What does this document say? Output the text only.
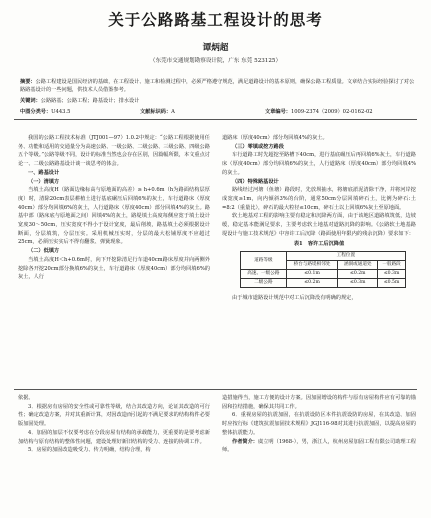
关于公路路基工程设计的思考
谭炳超
（东莞市交通规划勘察设计院，广东 东莞 523125）
摘要：公路工程建设是国民经济的基础，在工程设计、施工和检测过程中，必须严格遵守规范，满足道路设计的基本原则，确保公路工程质量。文章结合实际经验探讨了对公路路基设计的一些问题，供技术人员借鉴参考。
关键词：公路路基；公路工程；路基设计；排水设计
中图分类号：U443.5	文献标识码：A	文章编号：1009-2374（2009）02-0162-02

我国的公路工程技术标准（JTJ001—97）1.0.2中规定：“公路工程根据使用任务、功能和适用的交通量分为高速公路、一级公路、二级公路、三级公路、四级公路五个等级。”公路等级不同，设计的标准当然也会存在区别，因篇幅所限，本文重点讨论一、二级公路路基设计谈一谈思考的体会。

一、路基设计

（一）清填方

当填土高度H（路面边缘标高与原地面的高差）≥ h+0.6m（h为路面结构层厚度）时，清除20cm表层耕植土进行基底碾压后回填6%的灰土，车行道路床（厚度40cm）部分均回填6%的灰土，人行道路床（厚度40cm）部分回填4%的灰土。路基中部（路床底与原地面之间）回填4%的灰土，路堤填土高度每侧应宽于填土设计宽度30～50cm，压实宽度不得小于设计宽度，最后削坡，路基填土必须根据设计断面，分层填筑，分层压实。采用机械压实时，分层的最大松铺厚度不应超过25cm，必须压实实后不得有翻浆、弹簧现象。

（二）低填方

当填土高度H＜h+0.6m时，向下开挖除清足行车道40cm路床厚度并向两侧外挖除各开挖20cm部分换填6%的灰土，车行道路床（厚度40cm）部分均回填6%的灰土，人行

道路床（厚度40cm）部分均回填4%的灰土。

（三）零填或挖方路段

车行道路工时先超挖至路槽下40cm，进行基底碾压后再回填6%灰土，车行道路床（厚度40cm）部分均回填6%的灰土，人行道路床（厚度40cm）部分均回填4%的灰土。

（四）特殊路基设计

路线经过河塘（鱼塘）路段时，先放坝抽水，将塘底淤泥清除干净，并将河岸挖成宽度≥1m，向内倾斜3%的台阶，通常50cm分层回填碎石土，比例为碎石:土=8:2（重量比），碎石的最大粒径≤10cm，碎石土以上回填6%灰土至原地面。

软土地基对工程的影响主要有稳定和沉降两方面，由于该地区道路填筑低，边坡缓，稳定基本能满足要求，主要考虑软土地基对道路沉降的影响。《公路软土地基路堤设计与施工技术规范》中容许工后沉降（路面使用年限内的残余沉降）要求如下：

表1　容许工后沉降值
道路等级	工程位置		
	桥台与路堤相邻处	涵洞或通道处	一般路段
高速、一级公路	≤0.1m	≤0.2m	≤0.3m
二级公路	≤0.2m	≤0.3m	≤0.5m

由于城市道路设计规范中对工后沉降没有明确的规定，

依据。

3．根据房有房屋的安全性或可靠性等级，结合其改造方向，论证其改造的可行性；确定改造方案，并对其重新计算，对因改造而引起的不满足要求的结构构件必要版加固处理。

4．加固的加层不仅要考虑在分段房屋有结构的承载能力，更重要的是要考虑新加结构与原有结构的整体性问题，建设处理好新旧结构的受力、连接的协调工作。

5．房屋的加固改造吸受力、传力明确，结构合理，构

造措施得当，施工方便的设计方案。因加固增设的构件与原有房屋构件应有可靠的锚固和拉结措施，确保其共同工作。

6．重视房屋的抗震加固，在抗震设防区本件抗震设防的房屋，在其改造、加固时应按行标《建筑抗震加固技术规程》JGJ116-98对其进行抗震加固，以提高房屋的整体抗震能力。

作者简介：虞立明（1968-），男，浙江人，杭州房屋加固工程有限公司助理工程师。
